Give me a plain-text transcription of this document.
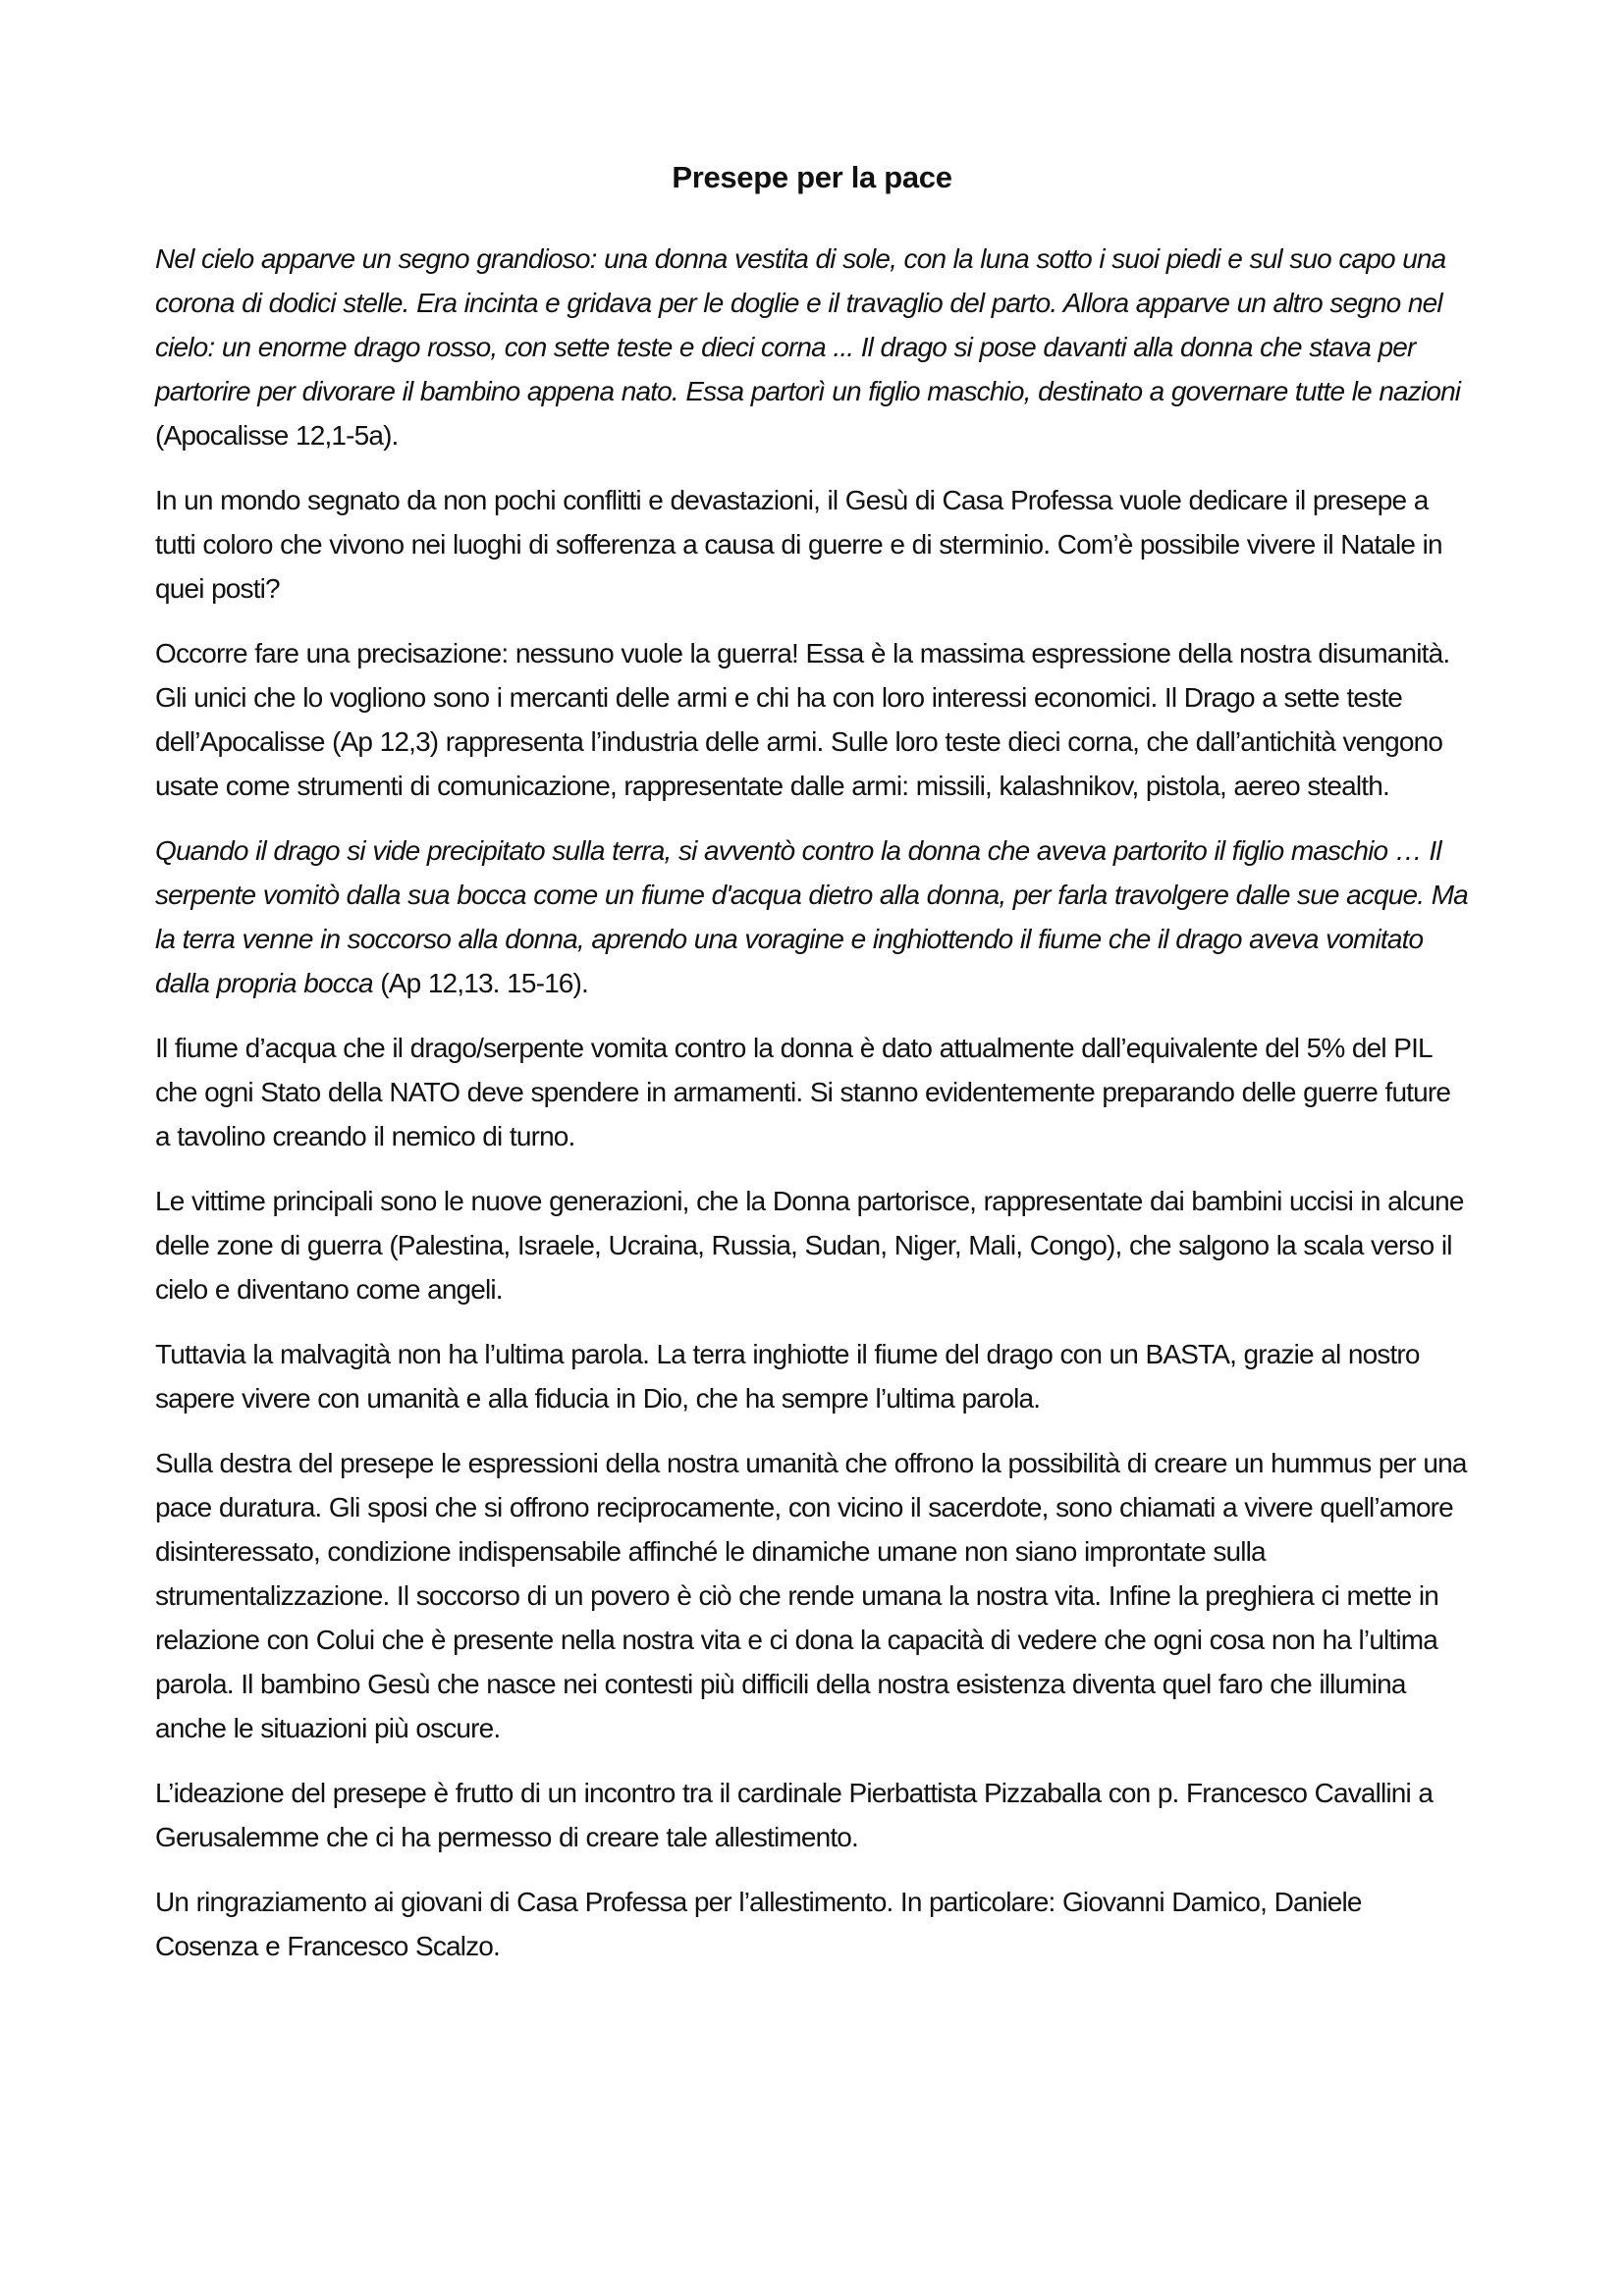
Presepe per la pace

Nel cielo apparve un segno grandioso: una donna vestita di sole, con la luna sotto i suoi piedi e sul suo capo una corona di dodici stelle. Era incinta e gridava per le doglie e il travaglio del parto. Allora apparve un altro segno nel cielo: un enorme drago rosso, con sette teste e dieci corna ... Il drago si pose davanti alla donna che stava per partorire per divorare il bambino appena nato. Essa partorì un figlio maschio, destinato a governare tutte le nazioni (Apocalisse 12,1-5a).

In un mondo segnato da non pochi conflitti e devastazioni, il Gesù di Casa Professa vuole dedicare il presepe a tutti coloro che vivono nei luoghi di sofferenza a causa di guerre e di sterminio. Com’è possibile vivere il Natale in quei posti?

Occorre fare una precisazione: nessuno vuole la guerra! Essa è la massima espressione della nostra disumanità. Gli unici che lo vogliono sono i mercanti delle armi e chi ha con loro interessi economici. Il Drago a sette teste dell’Apocalisse (Ap 12,3) rappresenta l’industria delle armi. Sulle loro teste dieci corna, che dall’antichità vengono usate come strumenti di comunicazione, rappresentate dalle armi: missili, kalashnikov, pistola, aereo stealth.

Quando il drago si vide precipitato sulla terra, si avventò contro la donna che aveva partorito il figlio maschio … Il serpente vomitò dalla sua bocca come un fiume d'acqua dietro alla donna, per farla travolgere dalle sue acque. Ma la terra venne in soccorso alla donna, aprendo una voragine e inghiottendo il fiume che il drago aveva vomitato dalla propria bocca (Ap 12,13. 15-16).

Il fiume d’acqua che il drago/serpente vomita contro la donna è dato attualmente dall’equivalente del 5% del PIL che ogni Stato della NATO deve spendere in armamenti. Si stanno evidentemente preparando delle guerre future a tavolino creando il nemico di turno.

Le vittime principali sono le nuove generazioni, che la Donna partorisce, rappresentate dai bambini uccisi in alcune delle zone di guerra (Palestina, Israele, Ucraina, Russia, Sudan, Niger, Mali, Congo), che salgono la scala verso il cielo e diventano come angeli.

Tuttavia la malvagità non ha l’ultima parola. La terra inghiotte il fiume del drago con un BASTA, grazie al nostro sapere vivere con umanità e alla fiducia in Dio, che ha sempre l’ultima parola.

Sulla destra del presepe le espressioni della nostra umanità che offrono la possibilità di creare un hummus per una pace duratura. Gli sposi che si offrono reciprocamente, con vicino il sacerdote, sono chiamati a vivere quell’amore disinteressato, condizione indispensabile affinché le dinamiche umane non siano improntate sulla strumentalizzazione. Il soccorso di un povero è ciò che rende umana la nostra vita. Infine la preghiera ci mette in relazione con Colui che è presente nella nostra vita e ci dona la capacità di vedere che ogni cosa non ha l’ultima parola. Il bambino Gesù che nasce nei contesti più difficili della nostra esistenza diventa quel faro che illumina anche le situazioni più oscure.

L’ideazione del presepe è frutto di un incontro tra il cardinale Pierbattista Pizzaballa con p. Francesco Cavallini a Gerusalemme che ci ha permesso di creare tale allestimento.

Un ringraziamento ai giovani di Casa Professa per l’allestimento. In particolare: Giovanni Damico, Daniele Cosenza e Francesco Scalzo.
